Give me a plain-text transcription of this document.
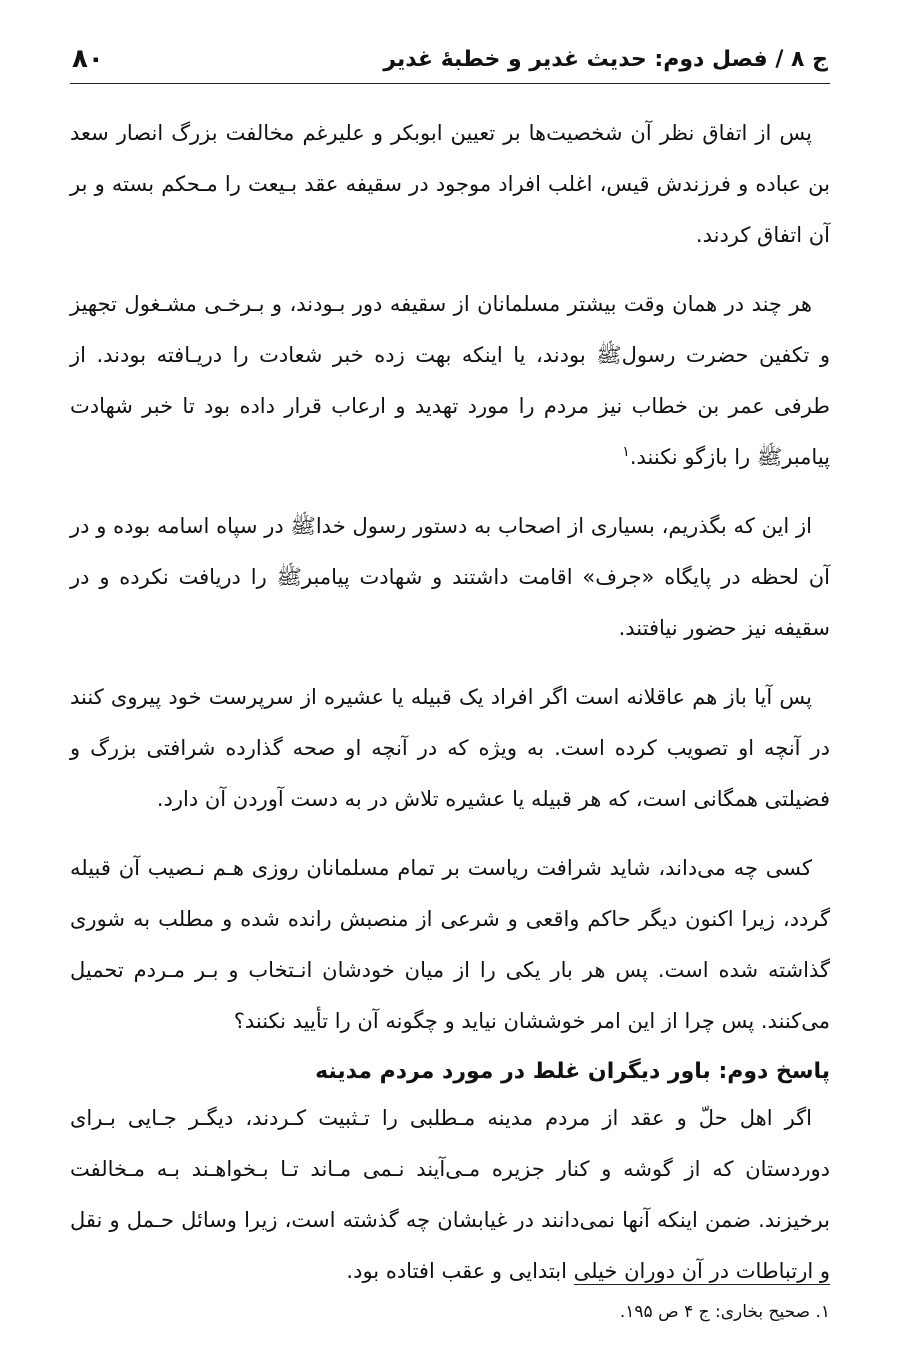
ج ۸ / فصل دوم: حدیث غدیر و خطبهٔ غدیر
۸۰

پس از اتفاق نظر آن شخصیت‌ها بر تعیین ابوبکر و علیرغم مخالفت بزرگ انصار سعد بن عباده و فرزندش قیس، اغلب افراد موجود در سقیفه عقد بـیعت را مـحکم بسته و بر آن اتفاق کردند.

هر چند در همان وقت بیشتر مسلمانان از سقیفه دور بـودند، و بـرخـی مشـغول تجهیز و تکفین حضرت رسولﷺ بودند، یا اینکه بهت زده خبر شعادت را دریـافته بودند. از طرفی عمر بن خطاب نیز مردم را مورد تهدید و ارعاب قرار داده بود تا خبر شهادت پیامبرﷺ را بازگو نکنند.$^۱$

از این که بگذریم، بسیاری از اصحاب به دستور رسول خداﷺ در سپاه اسامه بوده و در آن لحظه در پایگاه «جرف» اقامت داشتند و شهادت پیامبرﷺ را دریافت نکرده و در سقیفه نیز حضور نیافتند.

پس آیا باز هم عاقلانه است اگر افراد یک قبیله یا عشیره از سرپرست خود پیروی کنند در آنچه او تصویب کرده است. به ویژه که در آنچه او صحه گذارده شرافتی بزرگ و فضیلتی همگانی است، که هر قبیله یا عشیره تلاش در به دست آوردن آن دارد.

کسی چه می‌داند، شاید شرافت ریاست بر تمام مسلمانان روزی هـم نـصیب آن قبیله گردد، زیرا اکنون دیگر حاکم واقعی و شرعی از منصبش رانده شده و مطلب به شوری گذاشته شده است. پس هر بار یکی را از میان خودشان انـتخاب و بـر مـردم تحمیل می‌کنند. پس چرا از این امر خوششان نیاید و چگونه آن را تأیید نکنند؟

پاسخ دوم: باور دیگران غلط در مورد مردم مدینه

اگر اهل حلّ و عقد از مردم مدینه مـطلبی را تـثبیت کـردند، دیگـر جـایی بـرای دوردستان که از گوشه و کنار جزیره مـی‌آیند نـمی مـاند تـا بـخواهـند بـه مـخالفت برخیزند. ضمن اینکه آنها نمی‌دانند در غیابشان چه گذشته است، زیرا وسائل حـمل و نقل و ارتباطات در آن دوران خیلی ابتدایی و عقب افتاده بود.

۱. صحیح بخاری: ج ۴ ص ۱۹۵.
